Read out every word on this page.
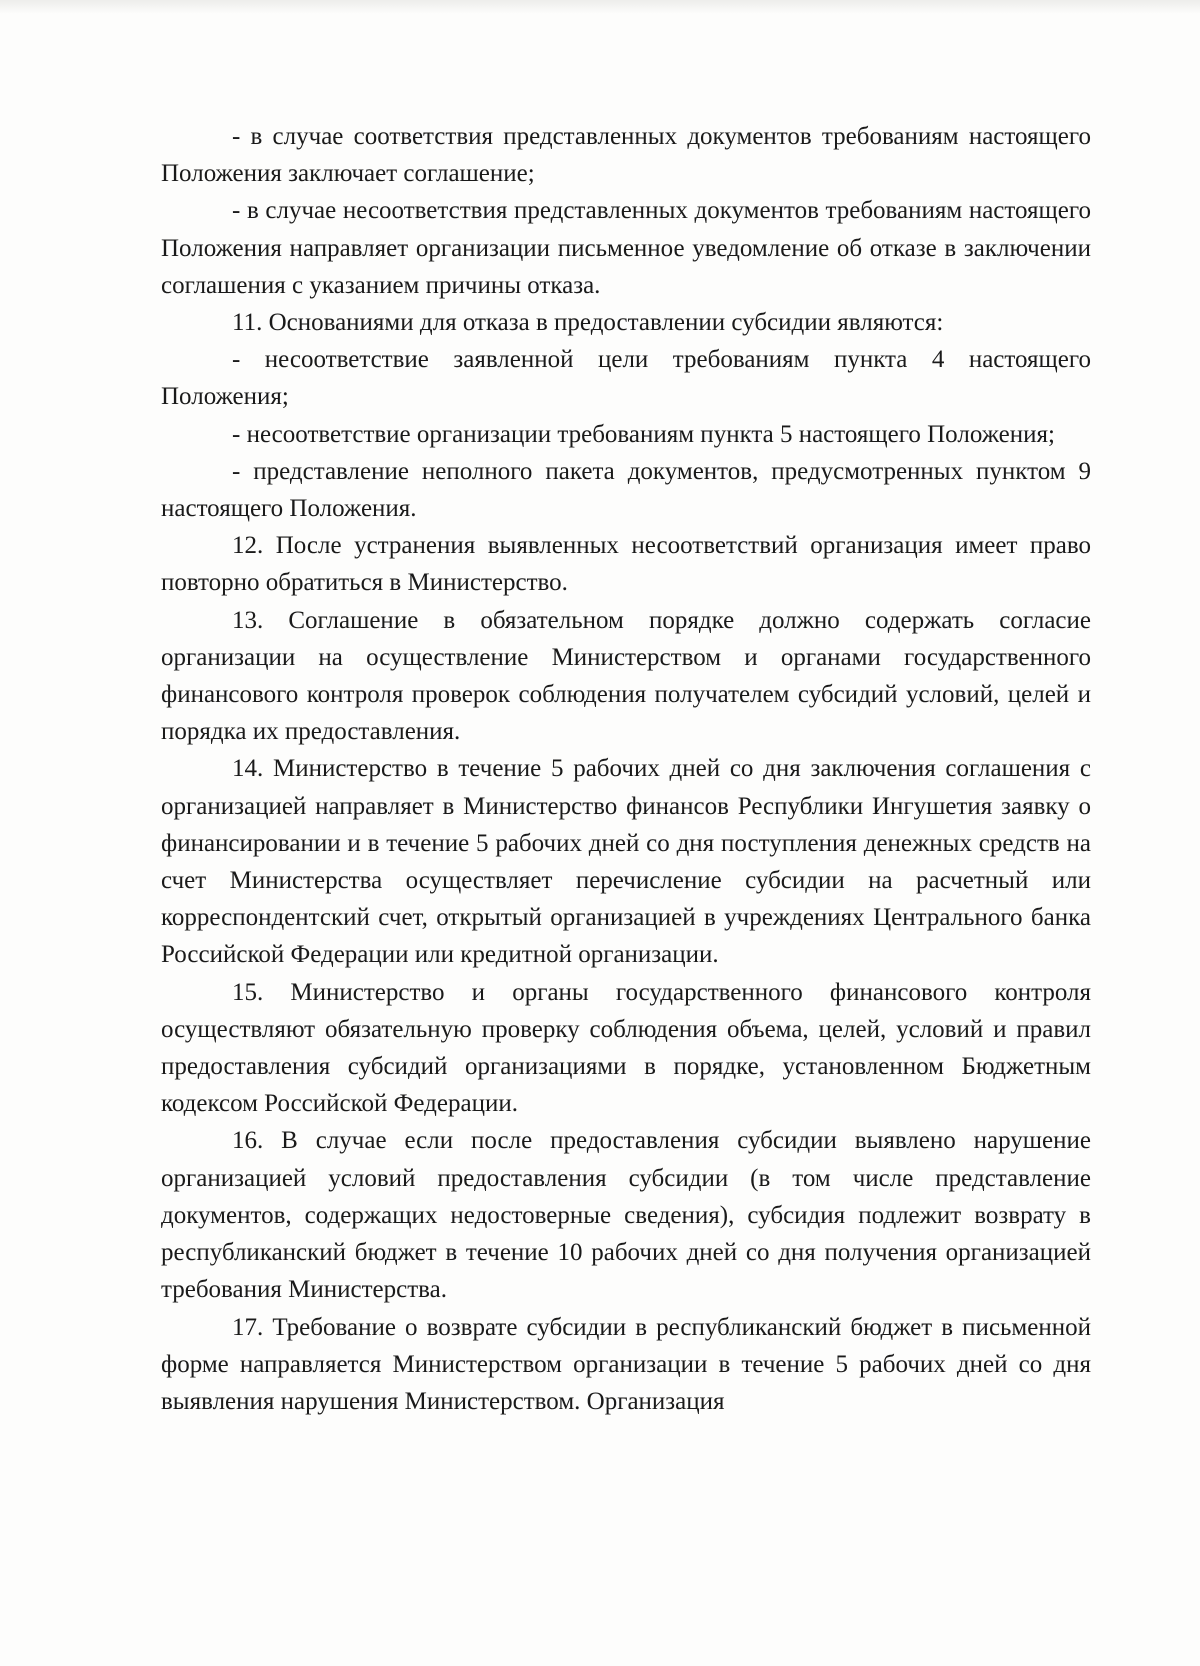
- в случае соответствия представленных документов требованиям настоящего Положения заключает соглашение;

- в случае несоответствия представленных документов требованиям настоящего Положения направляет организации письменное уведомление об отказе в заключении соглашения с указанием причины отказа.

11. Основаниями для отказа в предоставлении субсидии являются:

- несоответствие заявленной цели требованиям пункта 4 настоящего Положения;

- несоответствие организации требованиям пункта 5 настоящего Положения;

- представление неполного пакета документов, предусмотренных пунктом 9 настоящего Положения.

12. После устранения выявленных несоответствий организация имеет право повторно обратиться в Министерство.

13. Соглашение в обязательном порядке должно содержать согласие организации на осуществление Министерством и органами государственного финансового контроля проверок соблюдения получателем субсидий условий, целей и порядка их предоставления.

14. Министерство в течение 5 рабочих дней со дня заключения соглашения с организацией направляет в Министерство финансов Республики Ингушетия заявку о финансировании и в течение 5 рабочих дней со дня поступления денежных средств на счет Министерства осуществляет перечисление субсидии на расчетный или корреспондентский счет, открытый организацией в учреждениях Центрального банка Российской Федерации или кредитной организации.

15. Министерство и органы государственного финансового контроля осуществляют обязательную проверку соблюдения объема, целей, условий и правил предоставления субсидий организациями в порядке, установленном Бюджетным кодексом Российской Федерации.

16. В случае если после предоставления субсидии выявлено нарушение организацией условий предоставления субсидии (в том числе представление документов, содержащих недостоверные сведения), субсидия подлежит возврату в республиканский бюджет в течение 10 рабочих дней со дня получения организацией требования Министерства.

17. Требование о возврате субсидии в республиканский бюджет в письменной форме направляется Министерством организации в течение 5 рабочих дней со дня выявления нарушения Министерством. Организация
